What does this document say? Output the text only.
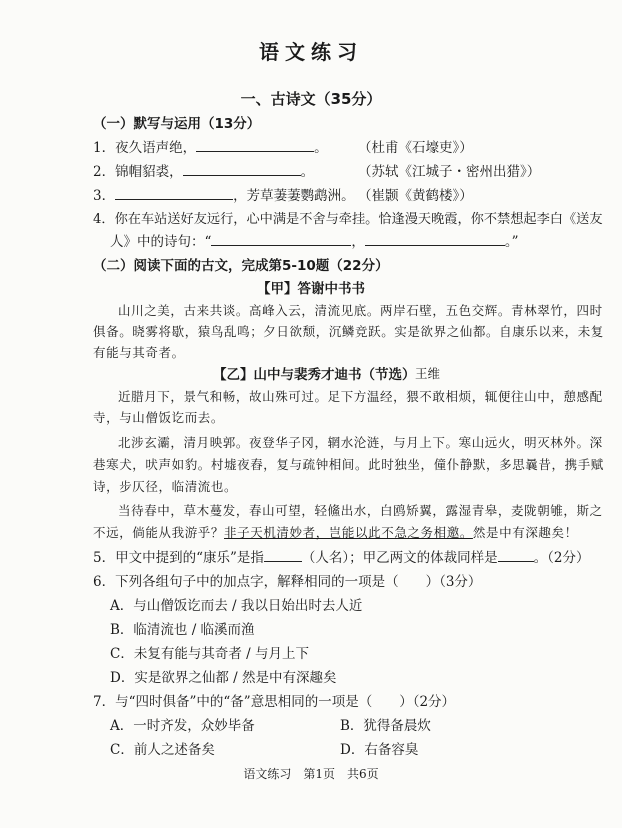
语文练习
一、古诗文（35分）
（一）默写与运用（13分）
1．夜久语声绝，	。 （杜甫《石壕吏》）
2．锦帽貂裘，	。	（苏轼《江城子・密州出猎》）
3．	，芳草萋萋鹦鹉洲。 （崔颢《黄鹤楼》）
4．你在车站送好友远行，心中满是不舍与牵挂。恰逢漫天晚霞，你不禁想起李白《送友
人》中的诗句：“	，	。”
（二）阅读下面的古文，完成第5-10题（22分）
【甲】答谢中书书
山川之美，古来共谈。高峰入云，清流见底。两岸石壁，五色交辉。青林翠竹，四时
俱备。晓雾将歇，猿鸟乱鸣；夕日欲颓，沉鳞竞跃。实是欲界之仙都。自康乐以来，未复
有能与其奇者。
【乙】山中与裴秀才迪书（节选） 王维
近腊月下，景气和畅，故山殊可过。足下方温经，猥不敢相烦，辄便往山中，憩感配
寺，与山僧饭讫而去。
北涉玄灞，清月映郭。夜登华子冈，辋水沦涟，与月上下。寒山远火，明灭林外。深
巷寒犬，吠声如豹。村墟夜舂，复与疏钟相间。此时独坐，僮仆静默，多思曩昔，携手赋
诗，步仄径，临清流也。
当待春中，草木蔓发，春山可望，轻鯈出水，白鸥矫翼，露湿青皋，麦陇朝雊，斯之
不远，倘能从我游乎？非子天机清妙者，岂能以此不急之务相邀。然是中有深趣矣！
5．甲文中提到的“康乐”是指	（人名）；甲乙两文的体裁同样是	。（2分）
6．下列各组句子中的加点字，解释相同的一项是（　　）（3分）
A．与山僧饭讫而去 / 我以日始出时去人近
B．临清流也 / 临溪而渔
C．未复有能与其奇者 / 与月上下
D．实是欲界之仙都 / 然是中有深趣矣
7．与“四时俱备”中的“备”意思相同的一项是（　　）（2分）
A．一时齐发，众妙毕备	B．犹得备晨炊
C．前人之述备矣	D．右备容臭
语文练习　第1页　共6页
